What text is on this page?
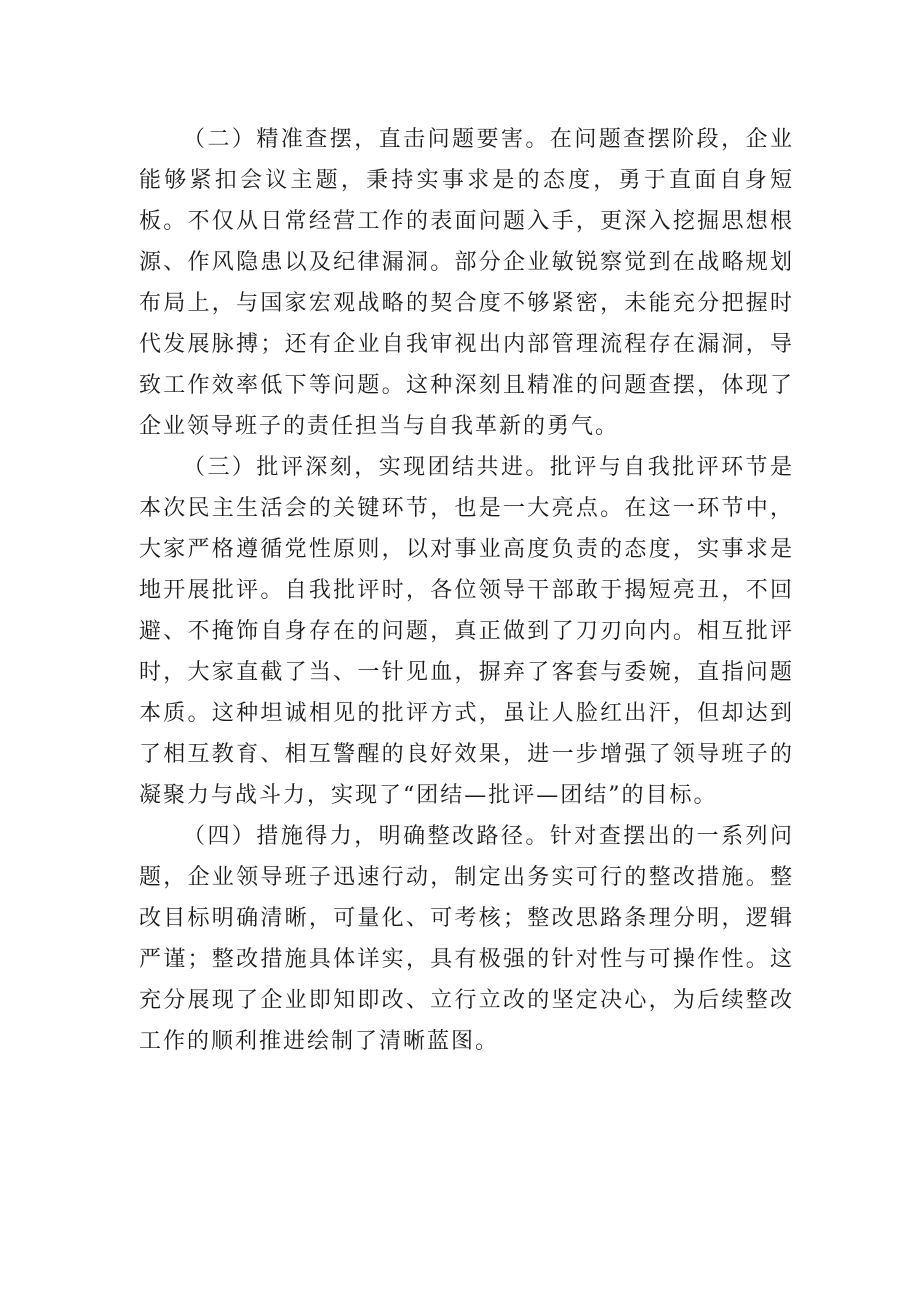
（二）精准查摆，直击问题要害。在问题查摆阶段，企业能够紧扣会议主题，秉持实事求是的态度，勇于直面自身短板。不仅从日常经营工作的表面问题入手，更深入挖掘思想根源、作风隐患以及纪律漏洞。部分企业敏锐察觉到在战略规划布局上，与国家宏观战略的契合度不够紧密，未能充分把握时代发展脉搏；还有企业自我审视出内部管理流程存在漏洞，导致工作效率低下等问题。这种深刻且精准的问题查摆，体现了企业领导班子的责任担当与自我革新的勇气。

（三）批评深刻，实现团结共进。批评与自我批评环节是本次民主生活会的关键环节，也是一大亮点。在这一环节中，大家严格遵循党性原则，以对事业高度负责的态度，实事求是地开展批评。自我批评时，各位领导干部敢于揭短亮丑，不回避、不掩饰自身存在的问题，真正做到了刀刃向内。相互批评时，大家直截了当、一针见血，摒弃了客套与委婉，直指问题本质。这种坦诚相见的批评方式，虽让人脸红出汗，但却达到了相互教育、相互警醒的良好效果，进一步增强了领导班子的凝聚力与战斗力，实现了“团结—批评—团结”的目标。

（四）措施得力，明确整改路径。针对查摆出的一系列问题，企业领导班子迅速行动，制定出务实可行的整改措施。整改目标明确清晰，可量化、可考核；整改思路条理分明，逻辑严谨；整改措施具体详实，具有极强的针对性与可操作性。这充分展现了企业即知即改、立行立改的坚定决心，为后续整改工作的顺利推进绘制了清晰蓝图。
